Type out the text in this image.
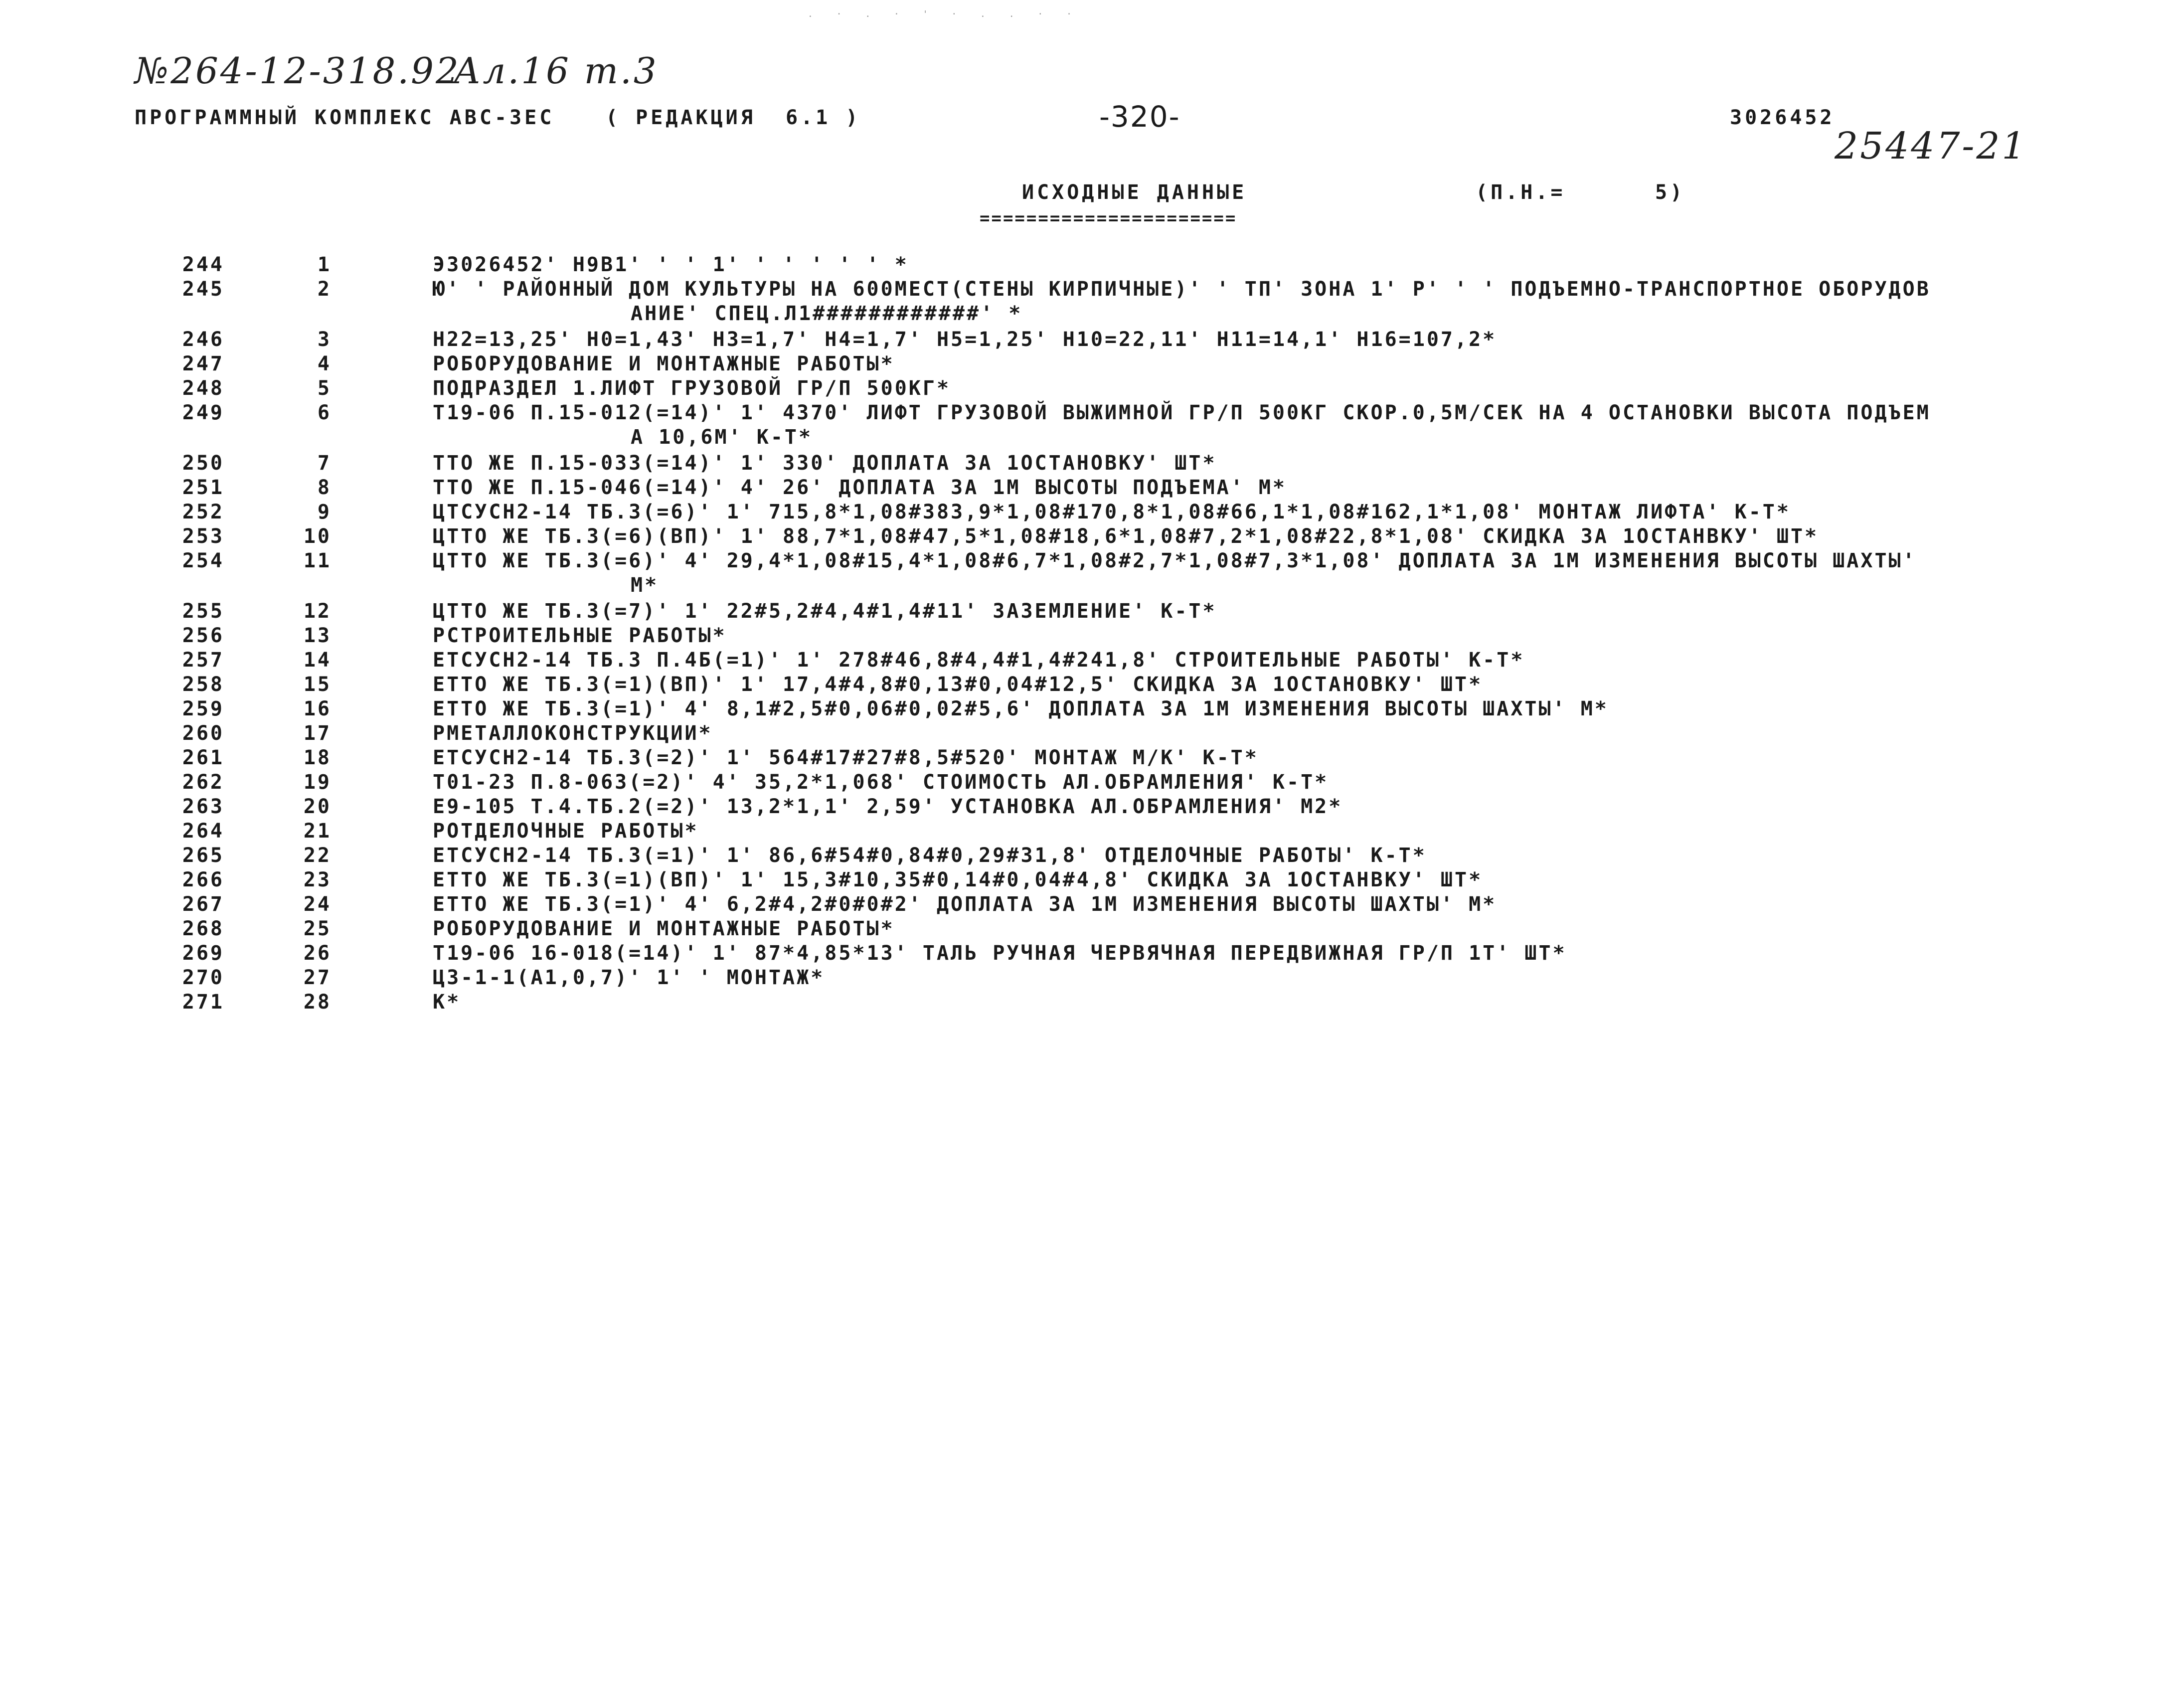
. · . · ' · . . · ·
№264-12-318.92
Ал.16 т.3
25447-21
ПРОГРАММНЫЙ КОМПЛЕКС АВС-3ЕС	( РЕДАКЦИЯ  6.1 )	-320-	3026452
ИСХОДНЫЕ ДАННЫЕ	(П.Н.=	5)
======================
244	1	Э3026452' Н9В1' ' ' 1' ' ' ' ' ' *
245	2	Ю' ' РАЙОННЫЙ ДОМ КУЛЬТУРЫ НА 600МЕСТ(СТЕНЫ КИРПИЧНЫЕ)' ' ТП' ЗОНА 1' Р' ' ' ПОДЪЕМНО-ТРАНСПОРТНОЕ ОБОРУДОВ
АНИЕ' СПЕЦ.Л1############' *
246	3	Н22=13,25' Н0=1,43' Н3=1,7' Н4=1,7' Н5=1,25' Н10=22,11' Н11=14,1' Н16=107,2*
247	4	РОБОРУДОВАНИЕ И МОНТАЖНЫЕ РАБОТЫ*
248	5	ПОДРАЗДЕЛ 1.ЛИФТ ГРУЗОВОЙ ГР/П 500КГ*
249	6	Т19-06 П.15-012(=14)' 1' 4370' ЛИФТ ГРУЗОВОЙ ВЫЖИМНОЙ ГР/П 500КГ СКОР.0,5М/СЕК НА 4 ОСТАНОВКИ ВЫСОТА ПОДЪЕМ
А 10,6М' К-Т*
250	7	ТТО ЖЕ П.15-033(=14)' 1' 330' ДОПЛАТА ЗА 1ОСТАНОВКУ' ШТ*
251	8	ТТО ЖЕ П.15-046(=14)' 4' 26' ДОПЛАТА ЗА 1М ВЫСОТЫ ПОДЪЕМА' М*
252	9	ЦТСУСН2-14 ТБ.3(=6)' 1' 715,8*1,08#383,9*1,08#170,8*1,08#66,1*1,08#162,1*1,08' МОНТАЖ ЛИФТА' К-Т*
253	10	ЦТТО ЖЕ ТБ.3(=6)(ВП)' 1' 88,7*1,08#47,5*1,08#18,6*1,08#7,2*1,08#22,8*1,08' СКИДКА ЗА 1ОСТАНВКУ' ШТ*
254	11	ЦТТО ЖЕ ТБ.3(=6)' 4' 29,4*1,08#15,4*1,08#6,7*1,08#2,7*1,08#7,3*1,08' ДОПЛАТА ЗА 1М ИЗМЕНЕНИЯ ВЫСОТЫ ШАХТЫ'
М*
255	12	ЦТТО ЖЕ ТБ.3(=7)' 1' 22#5,2#4,4#1,4#11' ЗАЗЕМЛЕНИЕ' К-Т*
256	13	РСТРОИТЕЛЬНЫЕ РАБОТЫ*
257	14	ЕТСУСН2-14 ТБ.3 П.4Б(=1)' 1' 278#46,8#4,4#1,4#241,8' СТРОИТЕЛЬНЫЕ РАБОТЫ' К-Т*
258	15	ЕТТО ЖЕ ТБ.3(=1)(ВП)' 1' 17,4#4,8#0,13#0,04#12,5' СКИДКА ЗА 1ОСТАНОВКУ' ШТ*
259	16	ЕТТО ЖЕ ТБ.3(=1)' 4' 8,1#2,5#0,06#0,02#5,6' ДОПЛАТА ЗА 1М ИЗМЕНЕНИЯ ВЫСОТЫ ШАХТЫ' М*
260	17	РМЕТАЛЛОКОНСТРУКЦИИ*
261	18	ЕТСУСН2-14 ТБ.3(=2)' 1' 564#17#27#8,5#520' МОНТАЖ М/К' К-Т*
262	19	Т01-23 П.8-063(=2)' 4' 35,2*1,068' СТОИМОСТЬ АЛ.ОБРАМЛЕНИЯ' К-Т*
263	20	Е9-105 Т.4.ТБ.2(=2)' 13,2*1,1' 2,59' УСТАНОВКА АЛ.ОБРАМЛЕНИЯ' М2*
264	21	РОТДЕЛОЧНЫЕ РАБОТЫ*
265	22	ЕТСУСН2-14 ТБ.3(=1)' 1' 86,6#54#0,84#0,29#31,8' ОТДЕЛОЧНЫЕ РАБОТЫ' К-Т*
266	23	ЕТТО ЖЕ ТБ.3(=1)(ВП)' 1' 15,3#10,35#0,14#0,04#4,8' СКИДКА ЗА 1ОСТАНВКУ' ШТ*
267	24	ЕТТО ЖЕ ТБ.3(=1)' 4' 6,2#4,2#0#0#2' ДОПЛАТА ЗА 1М ИЗМЕНЕНИЯ ВЫСОТЫ ШАХТЫ' М*
268	25	РОБОРУДОВАНИЕ И МОНТАЖНЫЕ РАБОТЫ*
269	26	Т19-06 16-018(=14)' 1' 87*4,85*13' ТАЛЬ РУЧНАЯ ЧЕРВЯЧНАЯ ПЕРЕДВИЖНАЯ ГР/П 1Т' ШТ*
270	27	Ц3-1-1(А1,0,7)' 1' ' МОНТАЖ*
271	28	К*
